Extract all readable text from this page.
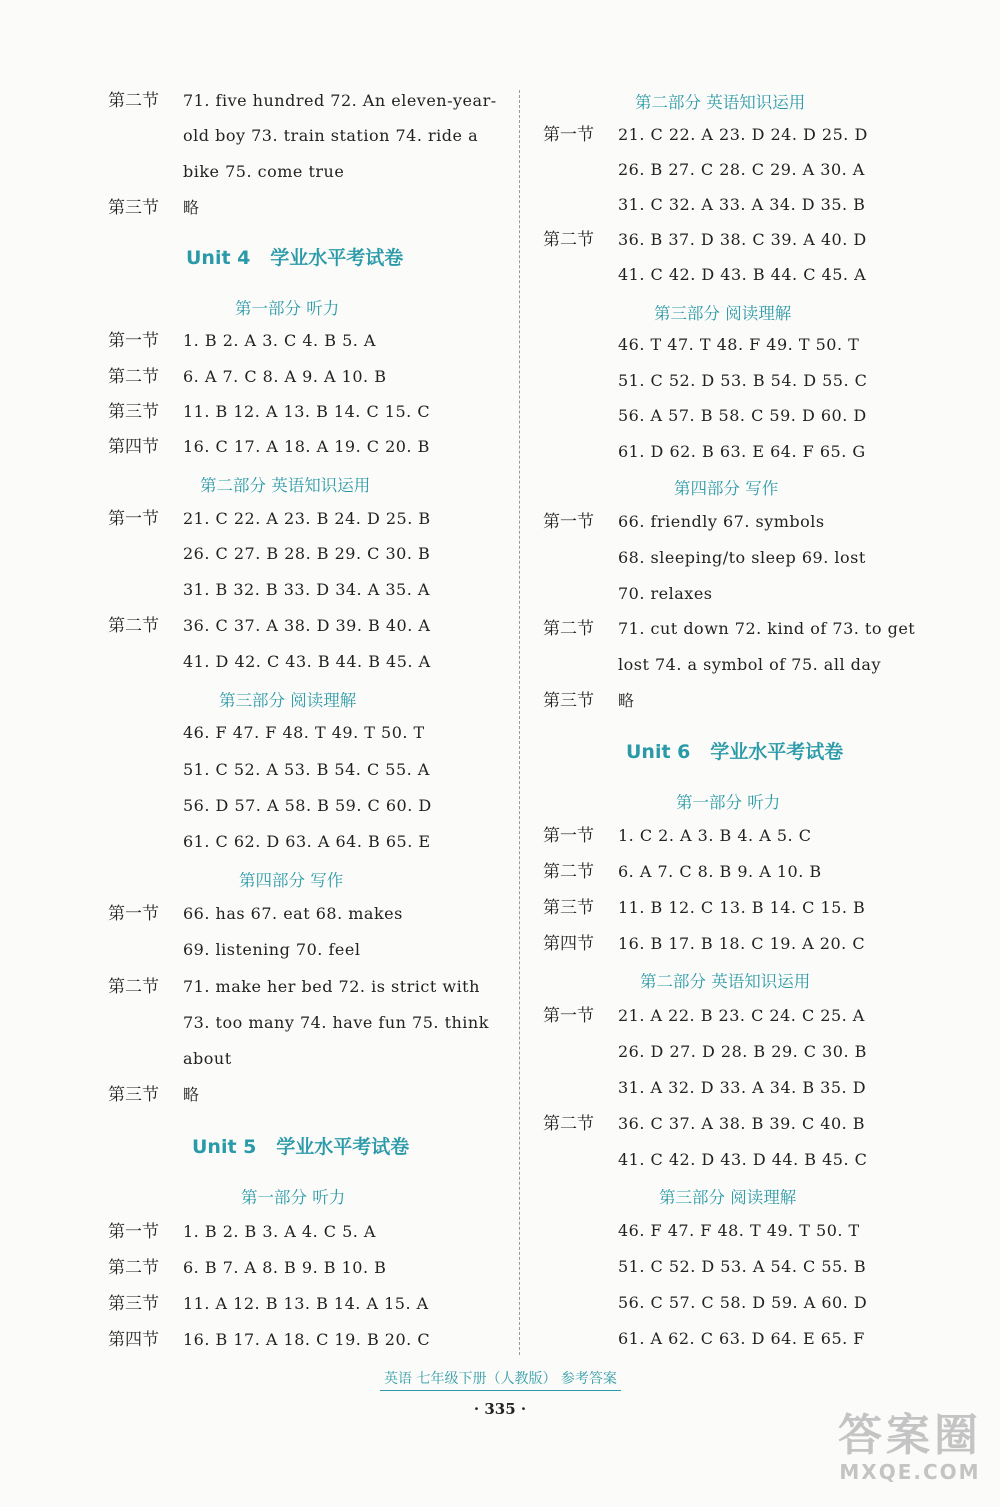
第二节	71. five hundred 72. An eleven-year-
old boy 73. train station 74. ride a
bike 75. come true
第三节	略
Unit 4 学业水平考试卷
第一部分 听力
第一节	1. B 2. A 3. C 4. B 5. A
第二节	6. A 7. C 8. A 9. A 10. B
第三节	11. B 12. A 13. B 14. C 15. C
第四节	16. C 17. A 18. A 19. C 20. B
第二部分 英语知识运用
第一节	21. C 22. A 23. B 24. D 25. B
26. C 27. B 28. B 29. C 30. B
31. B 32. B 33. D 34. A 35. A
第二节	36. C 37. A 38. D 39. B 40. A
41. D 42. C 43. B 44. B 45. A
第三部分 阅读理解
46. F 47. F 48. T 49. T 50. T
51. C 52. A 53. B 54. C 55. A
56. D 57. A 58. B 59. C 60. D
61. C 62. D 63. A 64. B 65. E
第四部分 写作
第一节	66. has 67. eat 68. makes
69. listening 70. feel
第二节	71. make her bed 72. is strict with
73. too many 74. have fun 75. think
about
第三节	略
Unit 5 学业水平考试卷
第一部分 听力
第一节	1. B 2. B 3. A 4. C 5. A
第二节	6. B 7. A 8. B 9. B 10. B
第三节	11. A 12. B 13. B 14. A 15. A
第四节	16. B 17. A 18. C 19. B 20. C
第二部分 英语知识运用
第一节	21. C 22. A 23. D 24. D 25. D
26. B 27. C 28. C 29. A 30. A
31. C 32. A 33. A 34. D 35. B
第二节	36. B 37. D 38. C 39. A 40. D
41. C 42. D 43. B 44. C 45. A
第三部分 阅读理解
46. T 47. T 48. F 49. T 50. T
51. C 52. D 53. B 54. D 55. C
56. A 57. B 58. C 59. D 60. D
61. D 62. B 63. E 64. F 65. G
第四部分 写作
第一节	66. friendly 67. symbols
68. sleeping/to sleep 69. lost
70. relaxes
第二节	71. cut down 72. kind of 73. to get
lost 74. a symbol of 75. all day
第三节	略
Unit 6 学业水平考试卷
第一部分 听力
第一节	1. C 2. A 3. B 4. A 5. C
第二节	6. A 7. C 8. B 9. A 10. B
第三节	11. B 12. C 13. B 14. C 15. B
第四节	16. B 17. B 18. C 19. A 20. C
第二部分 英语知识运用
第一节	21. A 22. B 23. C 24. C 25. A
26. D 27. D 28. B 29. C 30. B
31. A 32. D 33. A 34. B 35. D
第二节	36. C 37. A 38. B 39. C 40. B
41. C 42. D 43. D 44. B 45. C
第三部分 阅读理解
46. F 47. F 48. T 49. T 50. T
51. C 52. D 53. A 54. C 55. B
56. C 57. C 58. D 59. A 60. D
61. A 62. C 63. D 64. E 65. F
英语 七年级下册（人教版） 参考答案
· 335 ·
答案圈
MXQE.COM
